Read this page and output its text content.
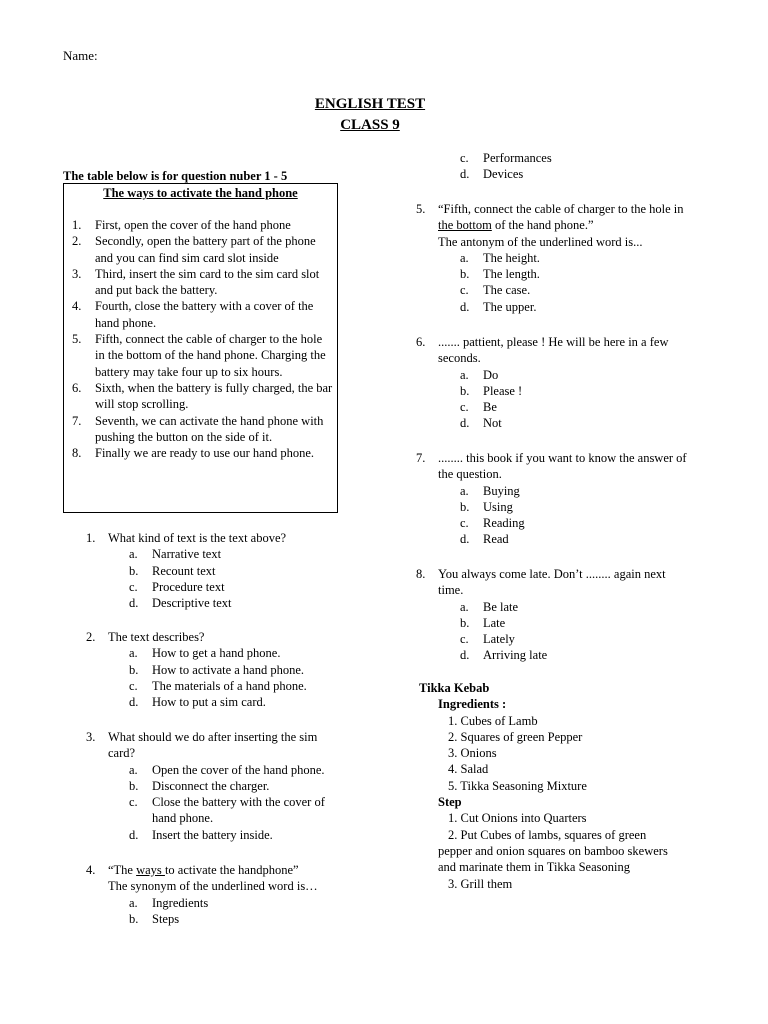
Name:
ENGLISH TEST
CLASS 9
The table below is for question nuber 1 - 5
The ways to activate the hand phone
1. First, open the cover of the hand phone
2. Secondly, open the battery part of the phone and you can find sim card slot inside
3. Third, insert the sim card to the sim card slot and put back the battery.
4. Fourth, close the battery with a cover of the hand phone.
5. Fifth, connect the cable of charger to the hole in the bottom of the hand phone. Charging the battery may take four up to six hours.
6. Sixth, when the battery is fully charged, the bar will stop scrolling.
7. Seventh, we can activate the hand phone with pushing the button on the side of it.
8. Finally we are ready to use our hand phone.
1. What kind of text is the text above?
a. Narrative text
b. Recount text
c. Procedure text
d. Descriptive text
2. The text describes?
a. How to get a hand phone.
b. How to activate a hand phone.
c. The materials of a hand phone.
d. How to put a sim card.
3. What should we do after inserting the sim card?
a. Open the cover of the hand phone.
b. Disconnect the charger.
c. Close the battery with the cover of hand phone.
d. Insert the battery inside.
4. “The ways to activate the handphone”
The synonym of the underlined word is…
a. Ingredients
b. Steps
c. Performances
d. Devices
5. “Fifth, connect the cable of charger to the hole in the bottom of the hand phone.”
The antonym of the underlined word is...
a. The height.
b. The length.
c. The case.
d. The upper.
6. ....... pattient, please ! He will be here in a few seconds.
a. Do
b. Please !
c. Be
d. Not
7. ........ this book if you want to know the answer of the question.
a. Buying
b. Using
c. Reading
d. Read
8. You always come late. Don’t ........ again next time.
a. Be late
b. Late
c. Lately
d. Arriving late
Tikka Kebab
Ingredients :
1. Cubes of Lamb
2. Squares of green Pepper
3. Onions
4. Salad
5. Tikka Seasoning Mixture
Step
1. Cut Onions into Quarters
2. Put Cubes of lambs, squares of green
pepper and onion squares on bamboo skewers and marinate them in Tikka Seasoning
3. Grill them
